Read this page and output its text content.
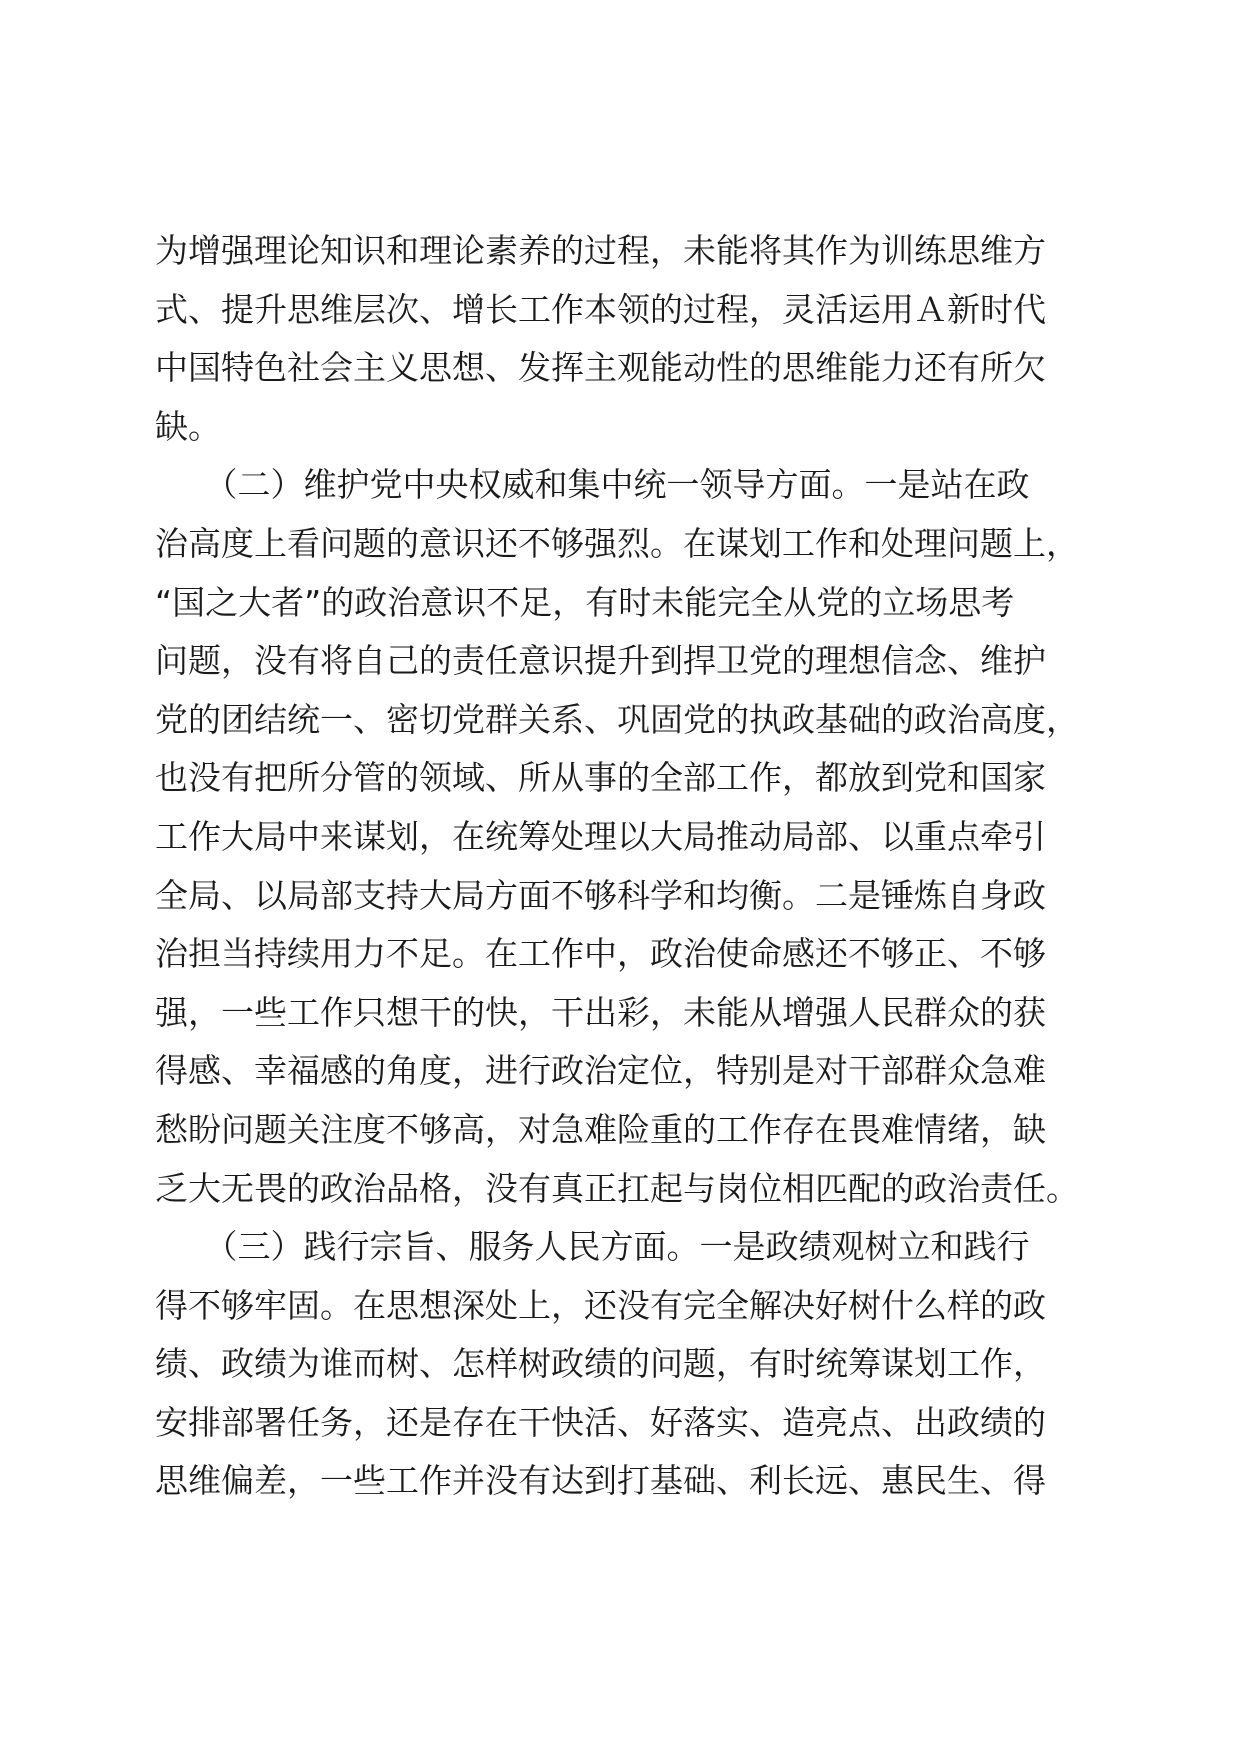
为增强理论知识和理论素养的过程，未能将其作为训练思维方
式、提升思维层次、增长工作本领的过程，灵活运用Ａ新时代
中国特色社会主义思想、发挥主观能动性的思维能力还有所欠
缺。
　　（二）维护党中央权威和集中统一领导方面。一是站在政
治高度上看问题的意识还不够强烈。在谋划工作和处理问题上，
“国之大者”的政治意识不足，有时未能完全从党的立场思考
问题，没有将自己的责任意识提升到捍卫党的理想信念、维护
党的团结统一、密切党群关系、巩固党的执政基础的政治高度，
也没有把所分管的领域、所从事的全部工作，都放到党和国家
工作大局中来谋划，在统筹处理以大局推动局部、以重点牵引
全局、以局部支持大局方面不够科学和均衡。二是锤炼自身政
治担当持续用力不足。在工作中，政治使命感还不够正、不够
强，一些工作只想干的快，干出彩，未能从增强人民群众的获
得感、幸福感的角度，进行政治定位，特别是对干部群众急难
愁盼问题关注度不够高，对急难险重的工作存在畏难情绪，缺
乏大无畏的政治品格，没有真正扛起与岗位相匹配的政治责任。
　　（三）践行宗旨、服务人民方面。一是政绩观树立和践行
得不够牢固。在思想深处上，还没有完全解决好树什么样的政
绩、政绩为谁而树、怎样树政绩的问题，有时统筹谋划工作，
安排部署任务，还是存在干快活、好落实、造亮点、出政绩的
思维偏差，一些工作并没有达到打基础、利长远、惠民生、得
